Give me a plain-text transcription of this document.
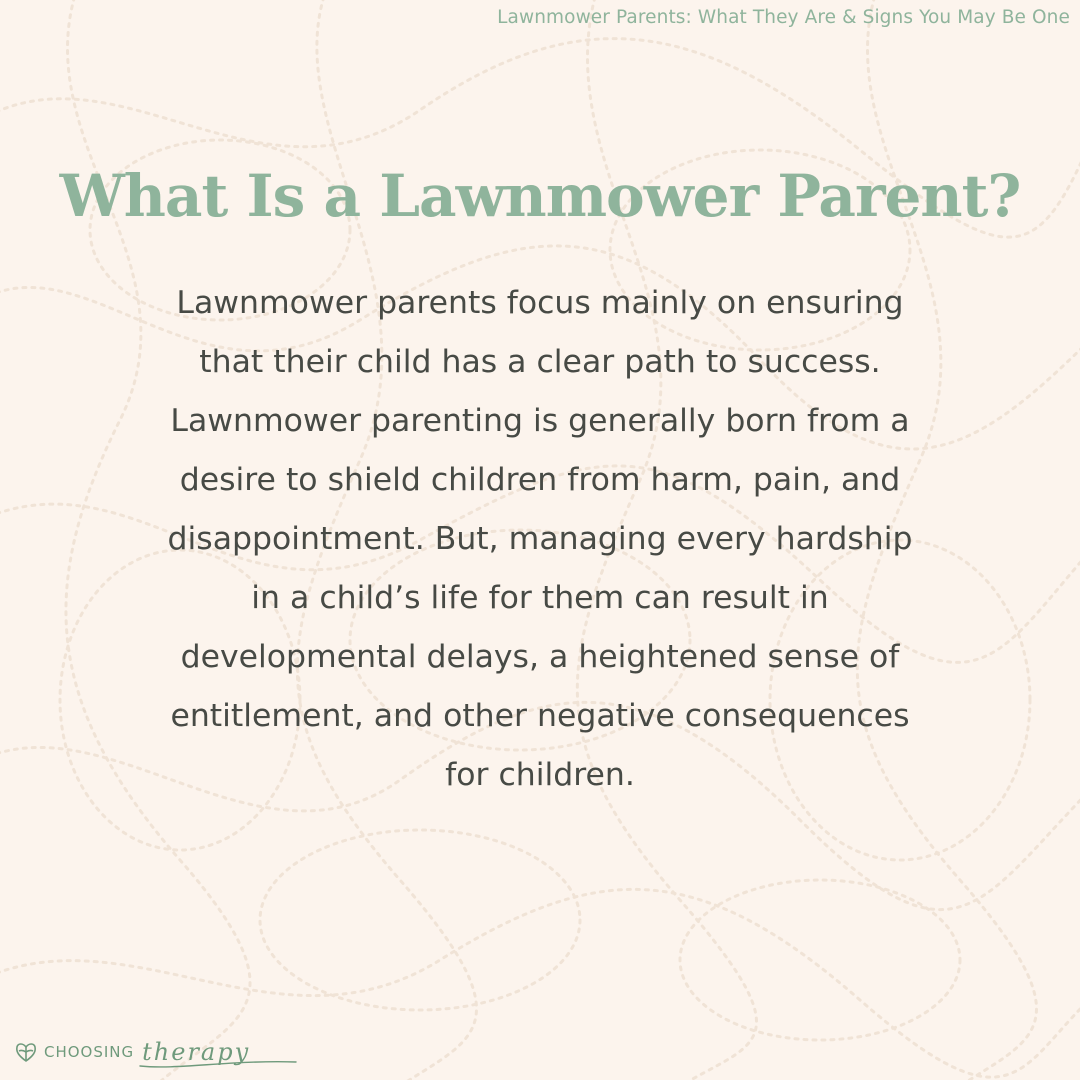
Lawnmower Parents: What They Are & Signs You May Be One
What Is a Lawnmower Parent?

Lawnmower parents focus mainly on ensuring
that their child has a clear path to success.
Lawnmower parenting is generally born from a
desire to shield children from harm, pain, and
disappointment. But, managing every hardship
in a child’s life for them can result in
developmental delays, a heightened sense of
entitlement, and other negative consequences
for children.

CHOOSING therapy
